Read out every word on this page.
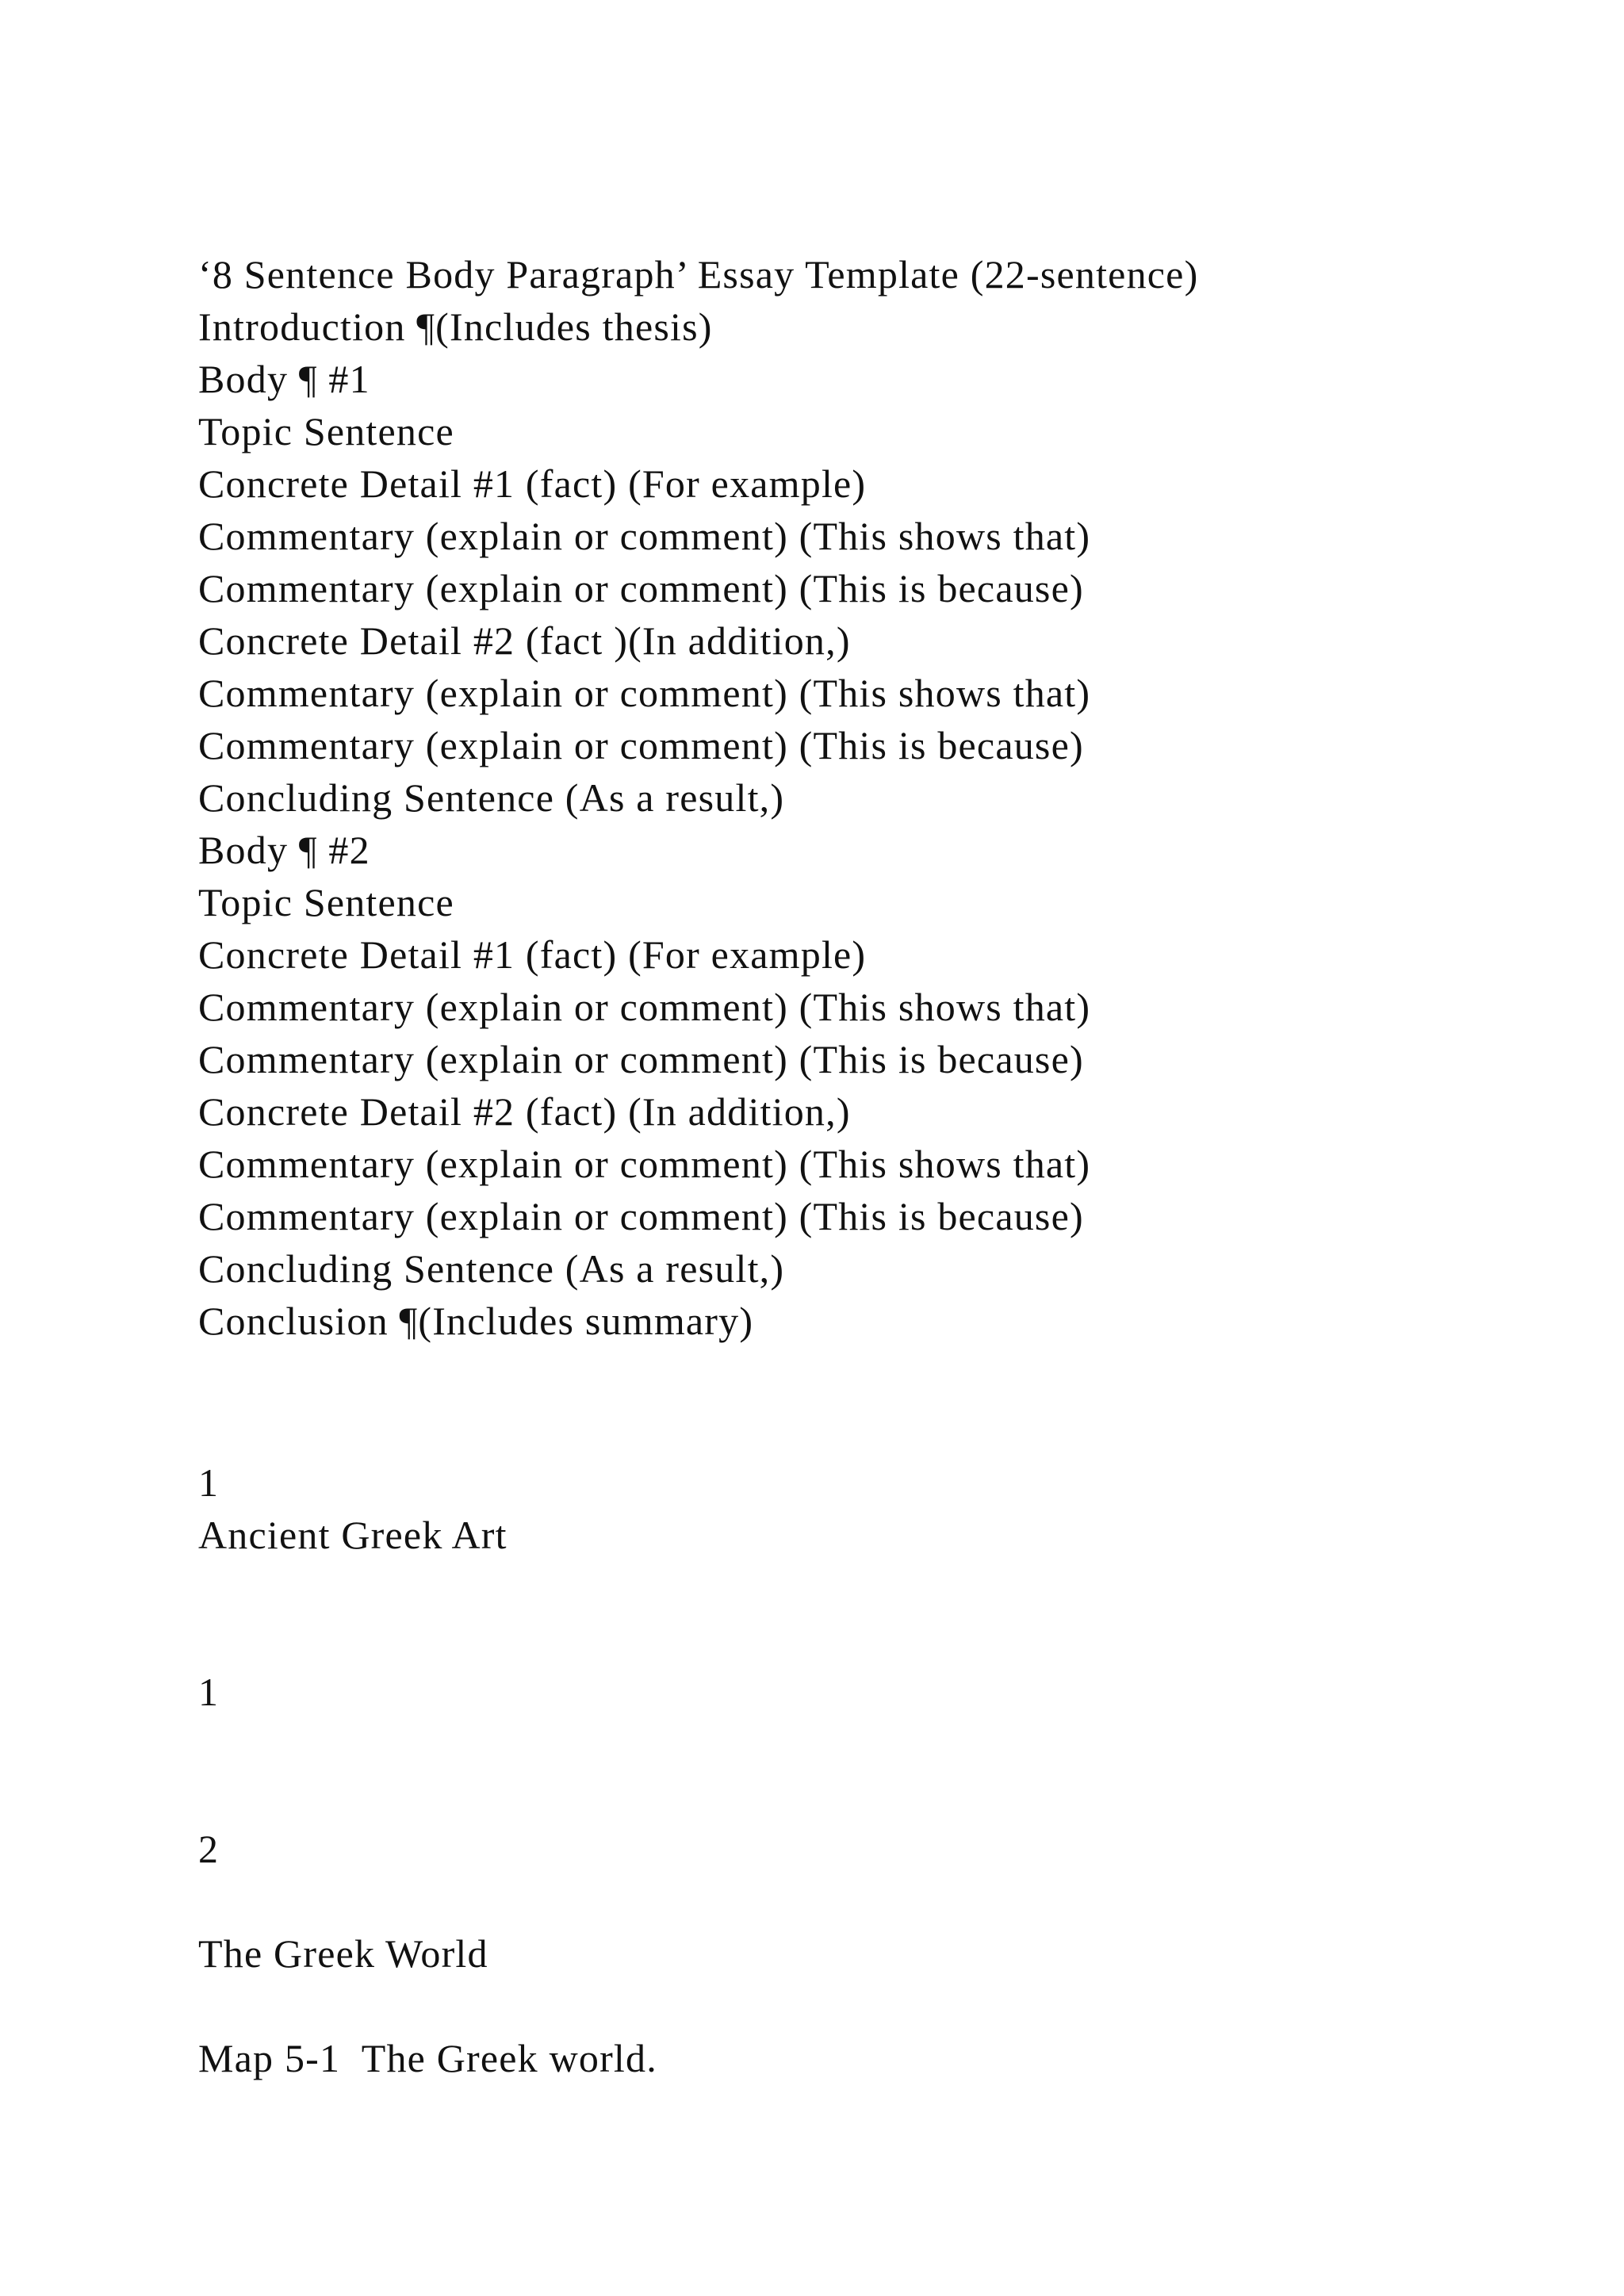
‘8 Sentence Body Paragraph’ Essay Template (22-sentence)
Introduction ¶(Includes thesis)
Body ¶ #1
Topic Sentence
Concrete Detail #1 (fact) (For example)
Commentary (explain or comment) (This shows that)
Commentary (explain or comment) (This is because)
Concrete Detail #2 (fact )(In addition,)
Commentary (explain or comment) (This shows that)
Commentary (explain or comment) (This is because)
Concluding Sentence (As a result,)
Body ¶ #2
Topic Sentence
Concrete Detail #1 (fact) (For example)
Commentary (explain or comment) (This shows that)
Commentary (explain or comment) (This is because)
Concrete Detail #2 (fact) (In addition,)
Commentary (explain or comment) (This shows that)
Commentary (explain or comment) (This is because)
Concluding Sentence (As a result,)
Conclusion ¶(Includes summary)
1
Ancient Greek Art
1
2
The Greek World
Map 5-1  The Greek world.
